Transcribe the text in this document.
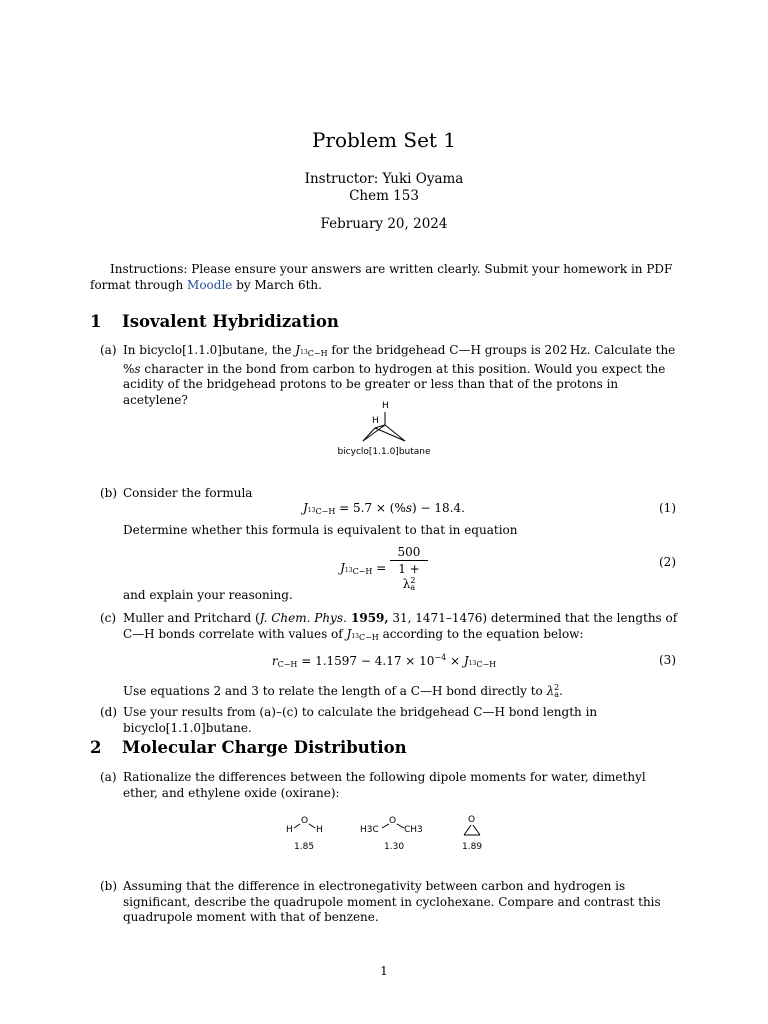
Problem Set 1
Instructor: Yuki Oyama
Chem 153
February 20, 2024
Instructions: Please ensure your answers are written clearly. Submit your homework in PDF format through Moodle by March 6th.
1 Isovalent Hybridization
(a) In bicyclo[1.1.0]butane, the $J_{^{13}C-H}$ for the bridgehead C—H groups is 202 Hz. Calculate the %s character in the bond from carbon to hydrogen at this position. Would you expect the acidity of the bridgehead protons to be greater or less than that of the protons in acetylene?	H
H
bicyclo[1.1.0]butane
(b) Consider the formula
$J_{^{13}C-H} = 5.7 \times (\%s) - 18.4$.	(1)
Determine whether this formula is equivalent to that in equation
$J_{^{13}C-H} = \frac{500}{1 + \lambda^2_a}$	(2)
and explain your reasoning.
(c) Muller and Pritchard (J. Chem. Phys. 1959, 31, 1471–1476) determined that the lengths of C—H bonds correlate with values of $J_{^{13}C-H}$ according to the equation below:
$r_{C-H} = 1.1597 - 4.17 \times 10^{-4} \times J_{^{13}C-H}$	(3)
Use equations 2 and 3 to relate the length of a C—H bond directly to $\lambda^2_a$.
(d) Use your results from (a)–(c) to calculate the bridgehead C—H bond length in bicyclo[1.1.0]butane.
2 Molecular Charge Distribution
(a) Rationalize the differences between the following dipole moments for water, dimethyl ether, and ethylene oxide (oxirane):
H
O
H	H3C
O
CH3
O
1.85	1.30	1.89
(b) Assuming that the difference in electronegativity between carbon and hydrogen is significant, describe the quadrupole moment in cyclohexane. Compare and contrast this quadrupole moment with that of benzene.
1
